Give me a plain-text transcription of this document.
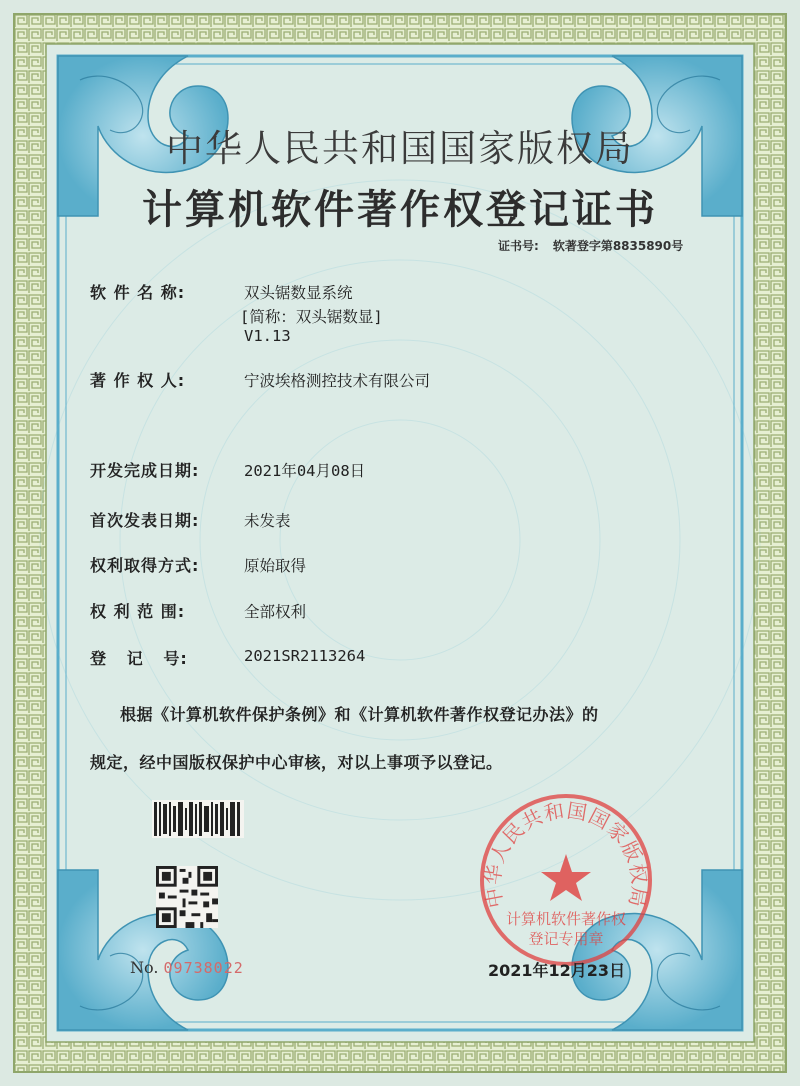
中华人民共和国国家版权局
计算机软件著作权登记证书
证书号: 软著登字第8835890号
软 件 名 称:	双头锯数显系统
[简称：双头锯数显]
V1.13
著 作 权 人:	宁波埃格测控技术有限公司
开发完成日期:	2021年04月08日
首次发表日期:	未发表
权利取得方式:	原始取得
权 利 范 围:	全部权利
登   记   号:	2021SR2113264
根据《计算机软件保护条例》和《计算机软件著作权登记办法》的
规定，经中国版权保护中心审核，对以上事项予以登记。
中华人民共和国国家版权局
计算机软件著作权
登记专用章
No. 09738022	2021年12月23日
